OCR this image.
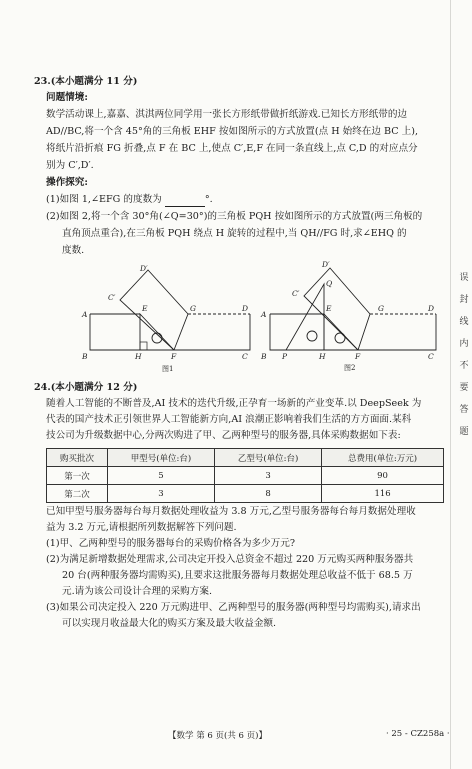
23.(本小题满分 11 分)
问题情境:
数学活动课上,嘉嘉、淇淇两位同学用一张长方形纸带做折纸游戏.已知长方形纸带的边
AD//BC,将一个含 45°角的三角板 EHF 按如图所示的方式放置(点 H 始终在边 BC 上),
将纸片沿折痕 FG 折叠,点 F 在 BC 上,使点 C′,E,F 在同一条直线上,点 C,D 的对应点分
别为 C′,D′.
操作探究:
(1)如图 1,∠EFG 的度数为	°.
(2)如图 2,将一个含 30°角(∠Q=30°)的三角板 PQH 按如图所示的方式放置(两三角板的
直角顶点重合),在三角板 PQH 绕点 H 旋转的过程中,当 QH//FG 时,求∠EHQ 的
度数.
A
B	C
D
E
F
G
H
C′
D′
图1
A
B P	C
D
E
F
G
H
Q
C′
D′
图2
24.(本小题满分 12 分)
随着人工智能的不断普及,AI 技术的迭代升级,正孕育一场新的产业变革.以 DeepSeek 为
代表的国产技术正引领世界人工智能新方向,AI 浪潮正影响着我们生活的方方面面.某科
技公司为升级数据中心,分两次购进了甲、乙两种型号的服务器,具体采购数据如下表:
购买批次	甲型号(单位:台)	乙型号(单位:台)	总费用(单位:万元)
第一次	5	3	90
第二次	3	8	116
已知甲型号服务器每台每月数据处理收益为 3.8 万元,乙型号服务器每台每月数据处理收
益为 3.2 万元,请根据所列数据解答下列问题.
(1)甲、乙两种型号的服务器每台的采购价格各为多少万元?
(2)为满足新增数据处理需求,公司决定开投入总资金不超过 220 万元购买两种服务器共
20 台(两种服务器均需购买),且要求这批服务器每月数据处理总收益不低于 68.5 万
元.请为该公司设计合理的采购方案.
(3)如果公司决定投入 220 万元购进甲、乙两种型号的服务器(两种型号均需购买),请求出
可以实现月收益最大化的购买方案及最大收益金额.
【数学 第 6 页(共 6 页)】	· 25 - CZ258a ·
误
封
线
内
不
要
答
题
